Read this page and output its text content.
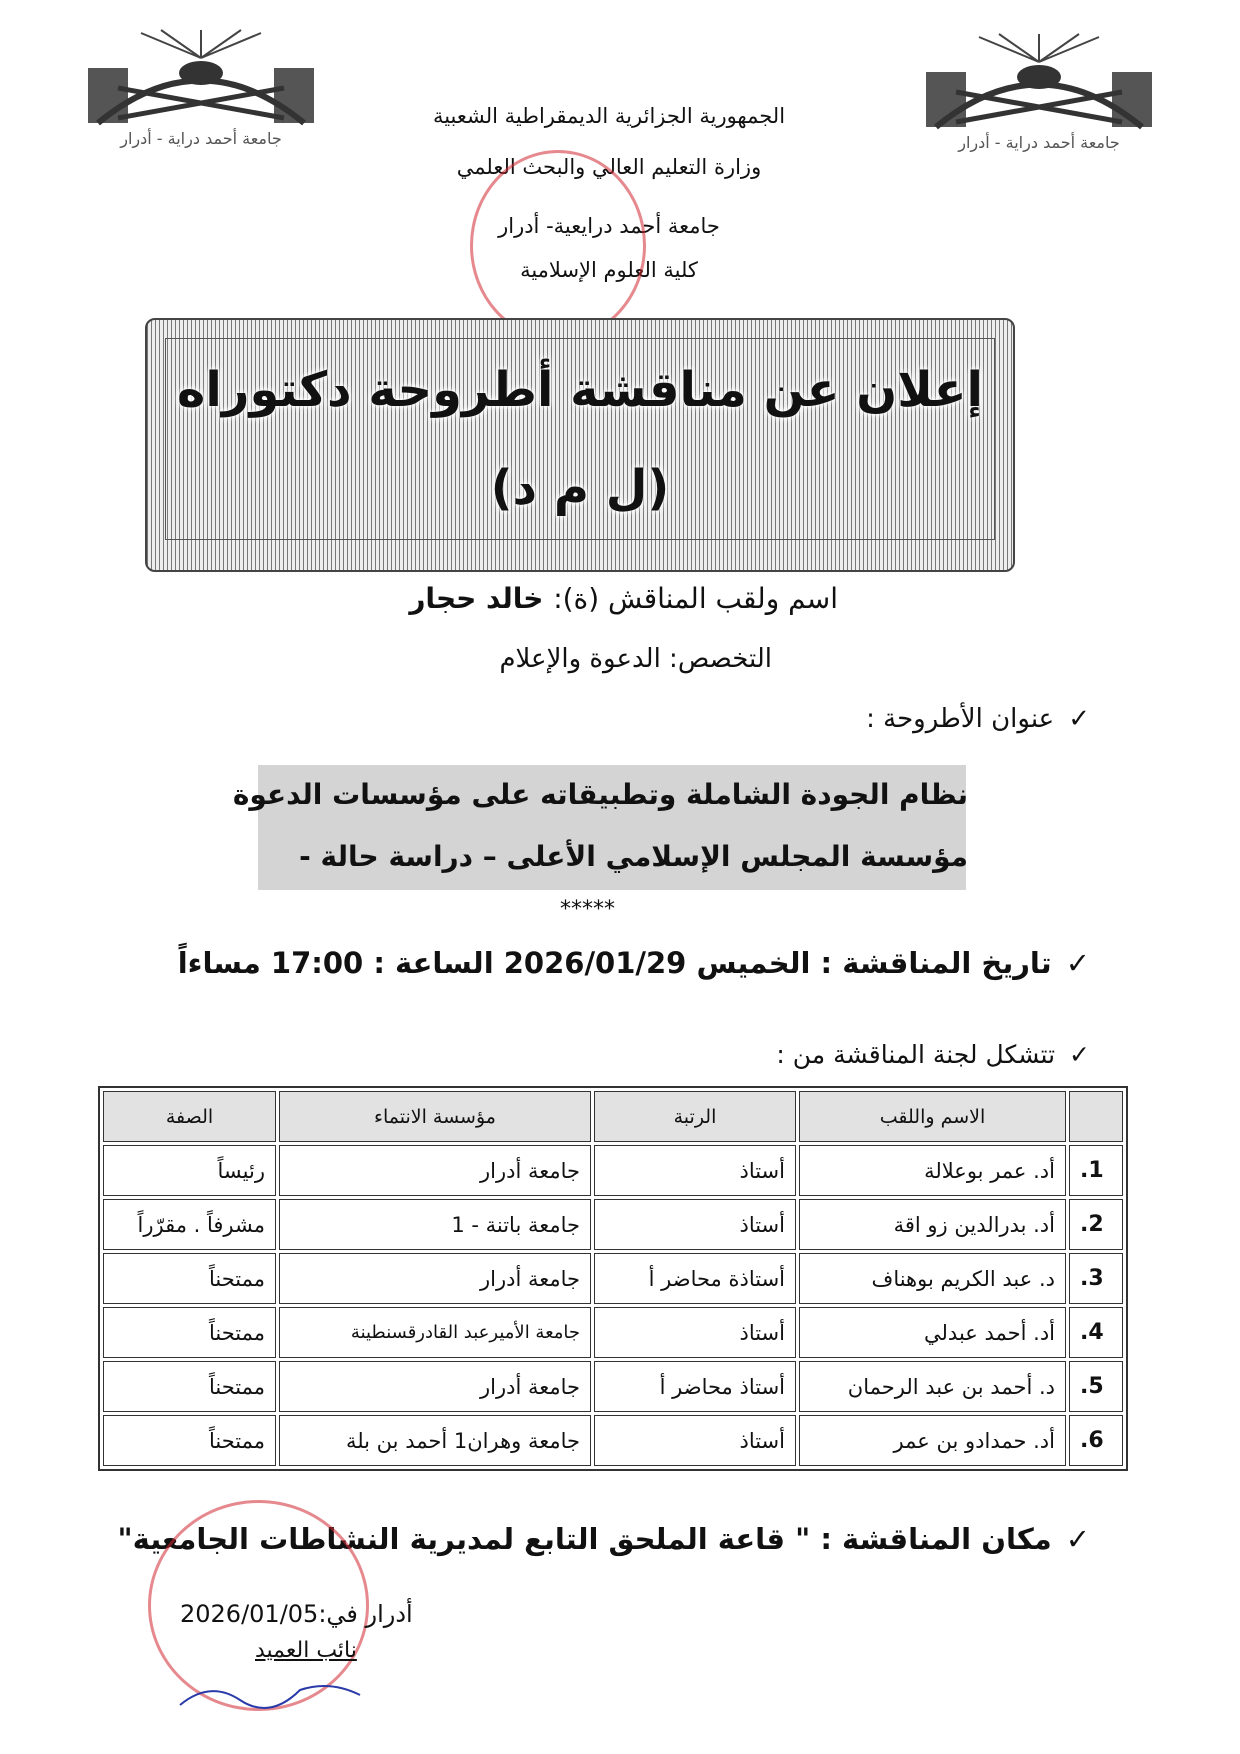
جامعة أحمد دراية - أدرار	جامعة أحمد دراية - أدرار
الجمهورية الجزائرية الديمقراطية الشعبية
وزارة التعليم العالي والبحث العلمي
جامعة أحمد درايعية- أدرار
كلية العلوم الإسلامية
إعلان عن مناقشة أطروحة دكتوراه
(ل م د)
اسم ولقب المناقش (ة): خالد حجار
التخصص: الدعوة والإعلام
✓عنوان الأطروحة :
نظام الجودة الشاملة وتطبيقاته على مؤسسات الدعوة
مؤسسة المجلس الإسلامي الأعلى – دراسة حالة -
*****
✓تاريخ المناقشة : الخميس 2026/01/29 الساعة : 17:00 مساءاً
✓تتشكل لجنة المناقشة من :
	الاسم واللقب	الرتبة	مؤسسة الانتماء	الصفة
1.	أد. عمر بوعلالة	أستاذ	جامعة أدرار	رئيساً
2.	أد. بدرالدين زو اقة	أستاذ	جامعة باتنة - 1	مشرفاً . مقرّراً
3.	د. عبد الكريم بوهناف	أستاذة محاضر أ	جامعة أدرار	ممتحناً
4.	أد. أحمد عبدلي	أستاذ	جامعة الأميرعبد القادرقسنطينة	ممتحناً
5.	د. أحمد بن عبد الرحمان	أستاذ محاضر أ	جامعة أدرار	ممتحناً
6.	أد. حمدادو بن عمر	أستاذ	جامعة وهران1 أحمد بن بلة	ممتحناً
✓مكان المناقشة : " قاعة الملحق التابع لمديرية النشاطات الجامعية"
أدرار في:2026/01/05
نائب العميد
